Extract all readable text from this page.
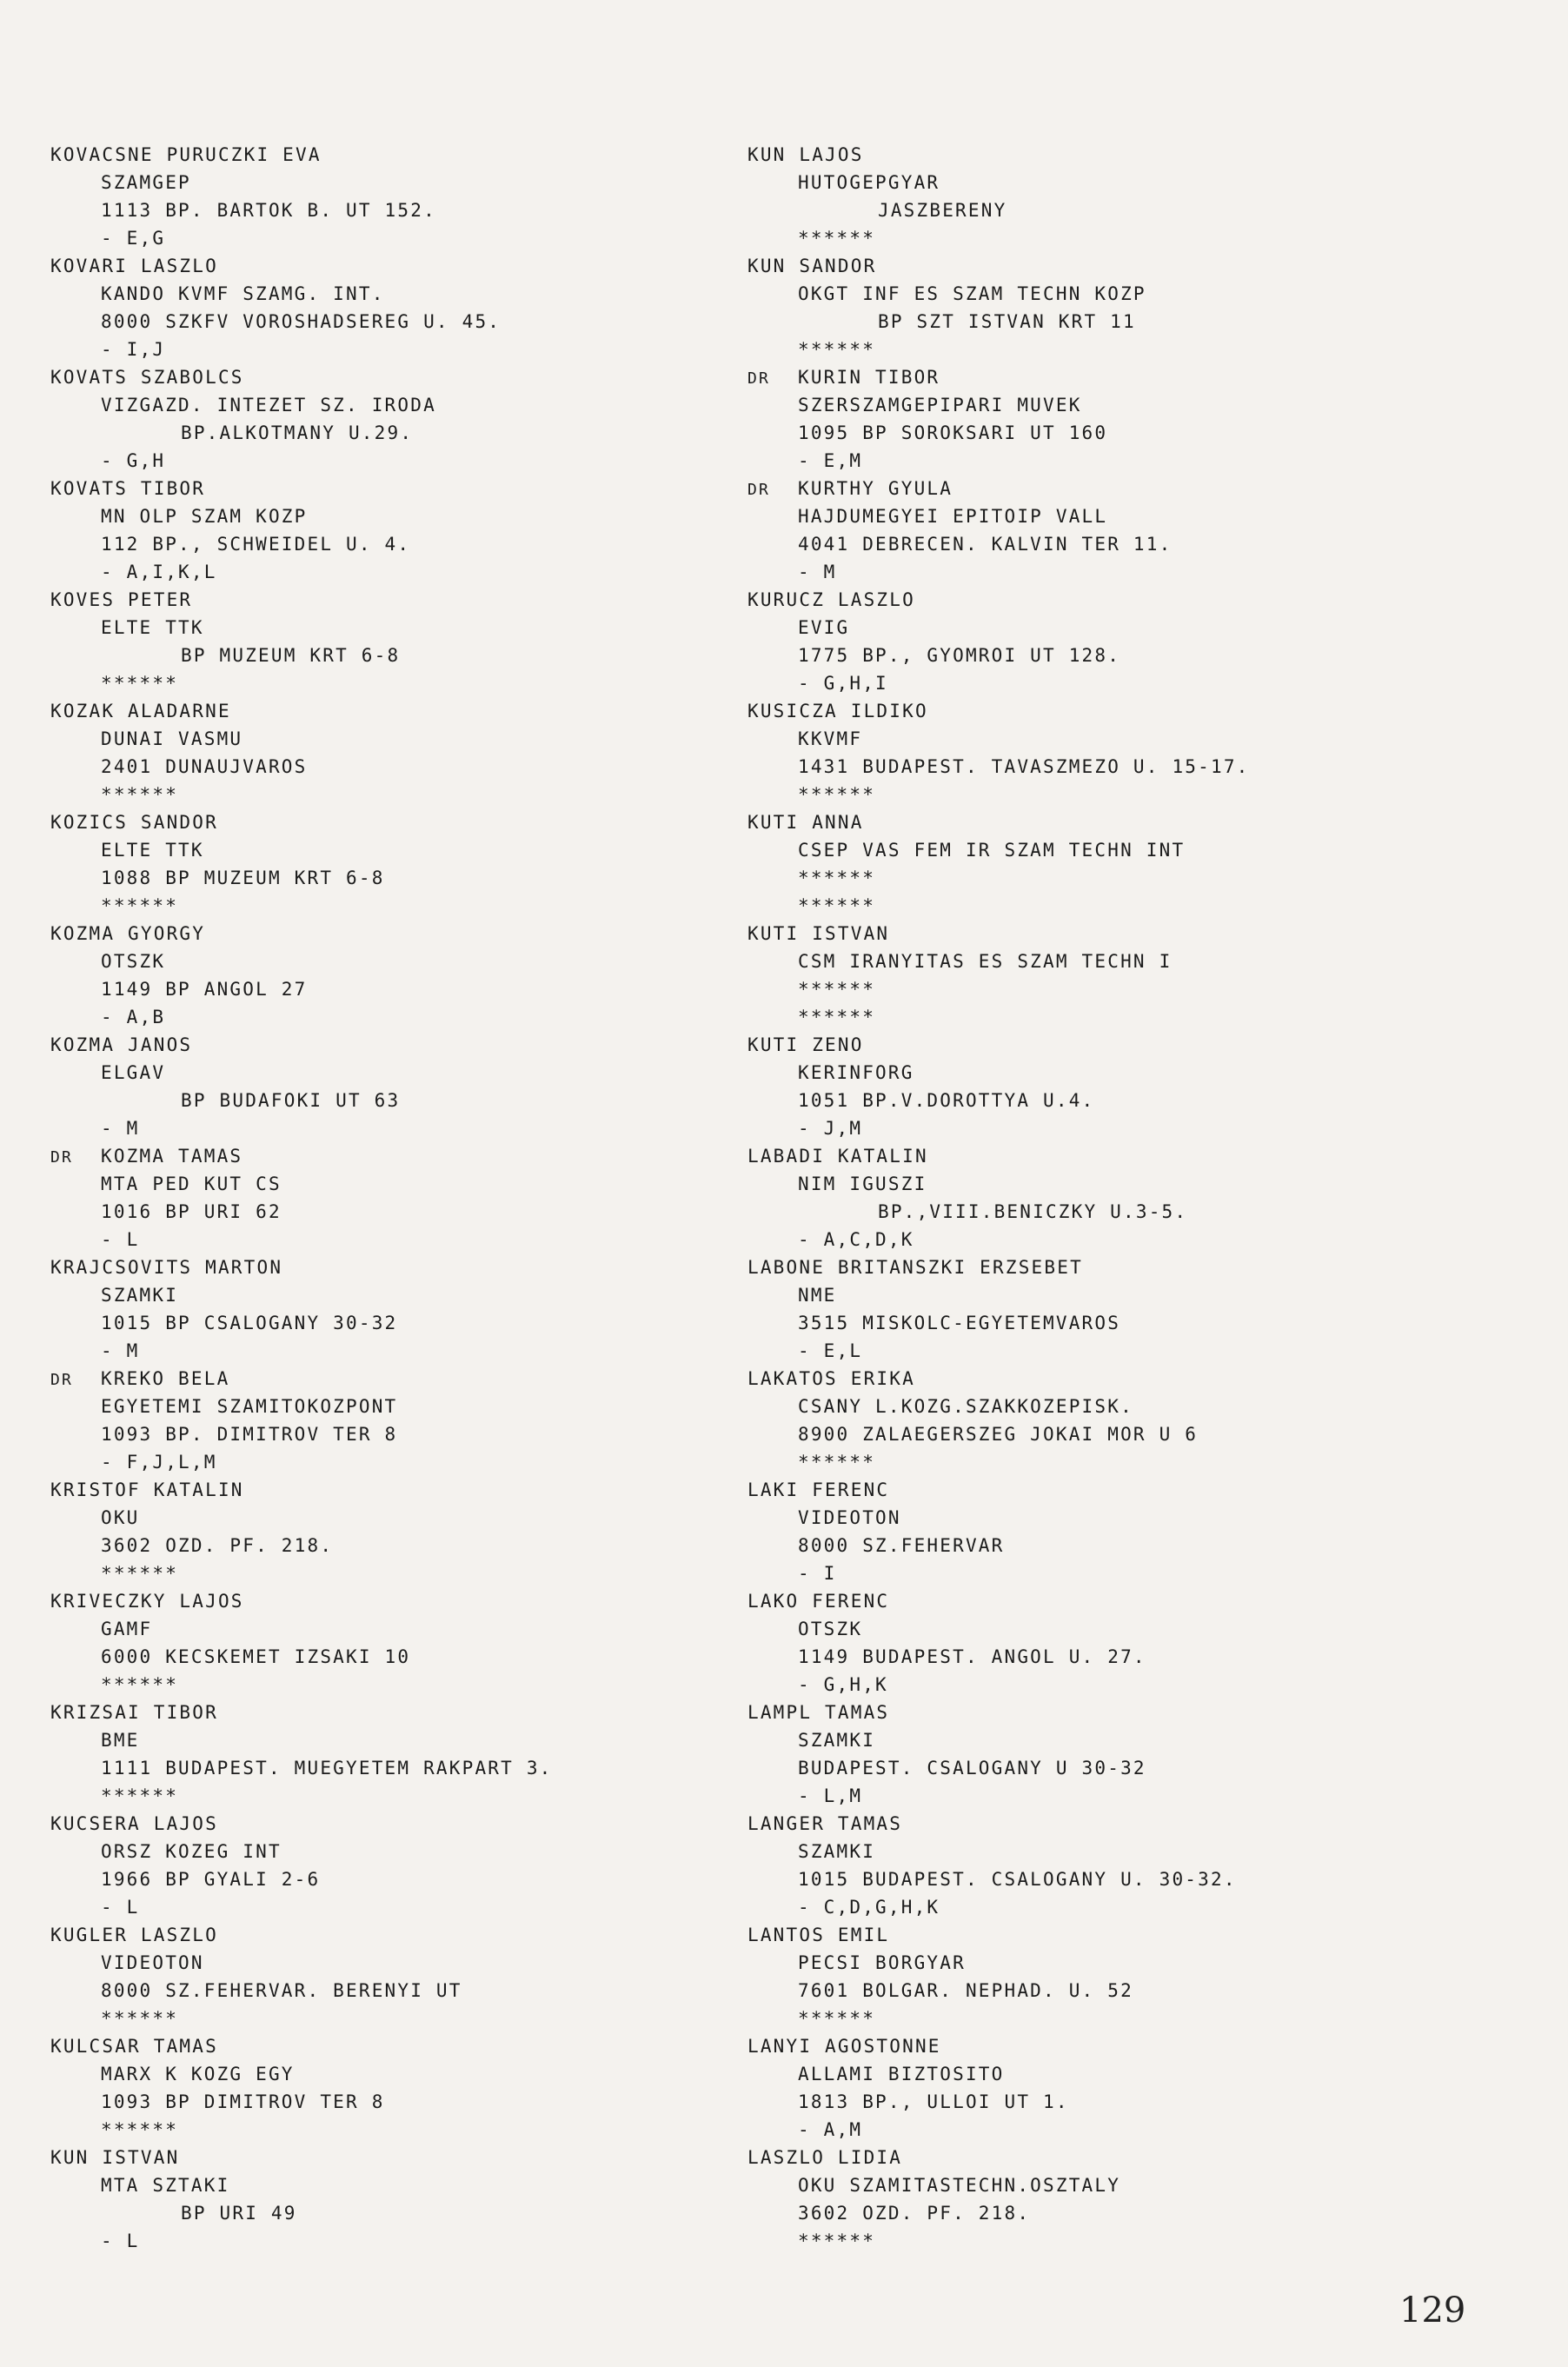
KOVACSNE PURUCZKI EVA
SZAMGEP
1113 BP. BARTOK B. UT 152.
- E,G
KOVARI LASZLO
KANDO KVMF SZAMG. INT.
8000 SZKFV VOROSHADSEREG U. 45.
- I,J
KOVATS SZABOLCS
VIZGAZD. INTEZET SZ. IRODA
BP.ALKOTMANY U.29.
- G,H
KOVATS TIBOR
MN OLP SZAM KOZP
112 BP., SCHWEIDEL U. 4.
- A,I,K,L
KOVES PETER
ELTE TTK
BP MUZEUM KRT 6-8
******
KOZAK ALADARNE
DUNAI VASMU
2401 DUNAUJVAROS
******
KOZICS SANDOR
ELTE TTK
1088 BP MUZEUM KRT 6-8
******
KOZMA GYORGY
OTSZK
1149 BP ANGOL 27
- A,B
KOZMA JANOS
ELGAV
BP BUDAFOKI UT 63
- M
DR KOZMA TAMAS
MTA PED KUT CS
1016 BP URI 62
- L
KRAJCSOVITS MARTON
SZAMKI
1015 BP CSALOGANY 30-32
- M
DR KREKO BELA
EGYETEMI SZAMITOKOZPONT
1093 BP. DIMITROV TER 8
- F,J,L,M
KRISTOF KATALIN
OKU
3602 OZD. PF. 218.
******
KRIVECZKY LAJOS
GAMF
6000 KECSKEMET IZSAKI 10
******
KRIZSAI TIBOR
BME
1111 BUDAPEST. MUEGYETEM RAKPART 3.
******
KUCSERA LAJOS
ORSZ KOZEG INT
1966 BP GYALI 2-6
- L
KUGLER LASZLO
VIDEOTON
8000 SZ.FEHERVAR. BERENYI UT
******
KULCSAR TAMAS
MARX K KOZG EGY
1093 BP DIMITROV TER 8
******
KUN ISTVAN
MTA SZTAKI
BP URI 49
- L
KUN LAJOS
HUTOGEPGYAR
JASZBERENY
******
KUN SANDOR
OKGT INF ES SZAM TECHN KOZP
BP SZT ISTVAN KRT 11
******
DR KURIN TIBOR
SZERSZAMGEPIPARI MUVEK
1095 BP SOROKSARI UT 160
- E,M
DR KURTHY GYULA
HAJDUMEGYEI EPITOIP VALL
4041 DEBRECEN. KALVIN TER 11.
- M
KURUCZ LASZLO
EVIG
1775 BP., GYOMROI UT 128.
- G,H,I
KUSICZA ILDIKO
KKVMF
1431 BUDAPEST. TAVASZMEZO U. 15-17.
******
KUTI ANNA
CSEP VAS FEM IR SZAM TECHN INT
******
******
KUTI ISTVAN
CSM IRANYITAS ES SZAM TECHN I
******
******
KUTI ZENO
KERINFORG
1051 BP.V.DOROTTYA U.4.
- J,M
LABADI KATALIN
NIM IGUSZI
BP.,VIII.BENICZKY U.3-5.
- A,C,D,K
LABONE BRITANSZKI ERZSEBET
NME
3515 MISKOLC-EGYETEMVAROS
- E,L
LAKATOS ERIKA
CSANY L.KOZG.SZAKKOZEPISK.
8900 ZALAEGERSZEG JOKAI MOR U 6
******
LAKI FERENC
VIDEOTON
8000 SZ.FEHERVAR
- I
LAKO FERENC
OTSZK
1149 BUDAPEST. ANGOL U. 27.
- G,H,K
LAMPL TAMAS
SZAMKI
BUDAPEST. CSALOGANY U 30-32
- L,M
LANGER TAMAS
SZAMKI
1015 BUDAPEST. CSALOGANY U. 30-32.
- C,D,G,H,K
LANTOS EMIL
PECSI BORGYAR
7601 BOLGAR. NEPHAD. U. 52
******
LANYI AGOSTONNE
ALLAMI BIZTOSITO
1813 BP., ULLOI UT 1.
- A,M
LASZLO LIDIA
OKU SZAMITASTECHN.OSZTALY
3602 OZD. PF. 218.
******
129
